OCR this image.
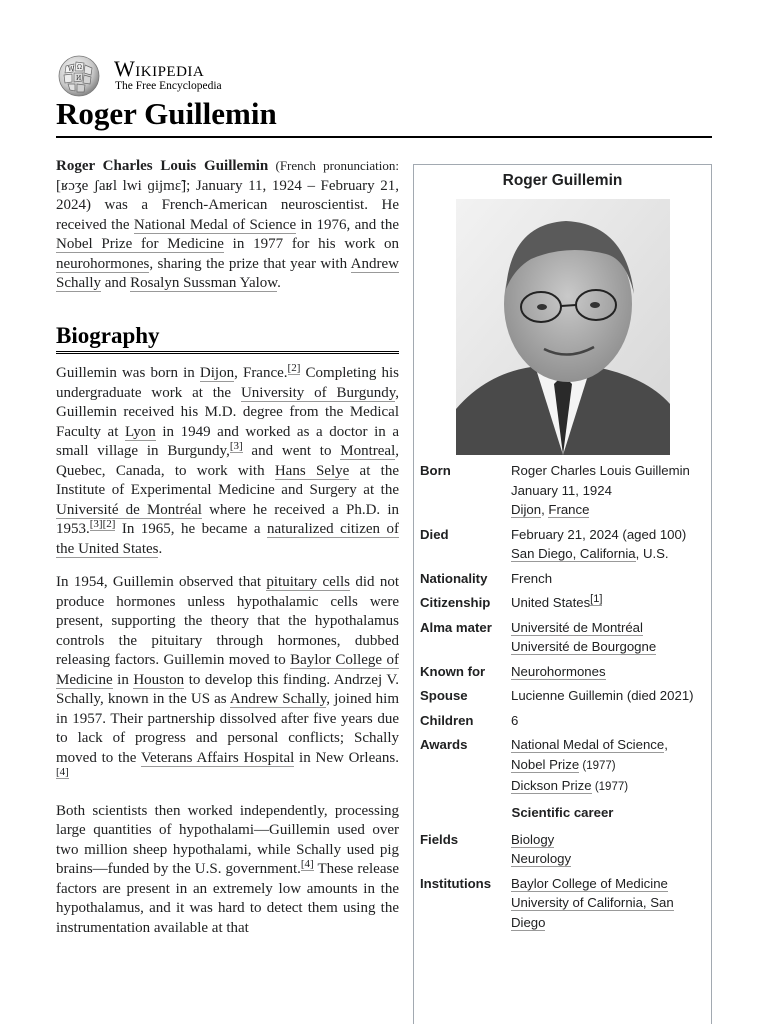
W Ω
И Wikipedia
The Free Encyclopedia
Roger Guillemin

Roger Charles Louis Guillemin (French pronunciation: [ʁɔʒe ʃaʁl lwi ɡijmɛ̃]; January 11, 1924 – February 21, 2024) was a French-American neuroscientist. He received the National Medal of Science in 1976, and the Nobel Prize for Medicine in 1977 for his work on neurohormones, sharing the prize that year with Andrew Schally and Rosalyn Sussman Yalow.

Biography

Guillemin was born in Dijon, France.[2] Completing his undergraduate work at the University of Burgundy, Guillemin received his M.D. degree from the Medical Faculty at Lyon in 1949 and worked as a doctor in a small village in Burgundy,[3] and went to Montreal, Quebec, Canada, to work with Hans Selye at the Institute of Experimental Medicine and Surgery at the Université de Montréal where he received a Ph.D. in 1953.[3][2] In 1965, he became a naturalized citizen of the United States.

In 1954, Guillemin observed that pituitary cells did not produce hormones unless hypothalamic cells were present, supporting the theory that the hypothalamus controls the pituitary through hormones, dubbed releasing factors. Guillemin moved to Baylor College of Medicine in Houston to develop this finding. Andrzej V. Schally, known in the US as Andrew Schally, joined him in 1957. Their partnership dissolved after five years due to lack of progress and personal conflicts; Schally moved to the Veterans Affairs Hospital in New Orleans.[4]

Both scientists then worked independently, processing large quantities of hypothalami—Guillemin used over two million sheep hypothalami, while Schally used pig brains—funded by the U.S. government.[4] These release factors are present in an extremely low amounts in the hypothalamus, and it was hard to detect them using the instrumentation available at that

Roger Guillemin
Born	Roger Charles Louis Guillemin
January 11, 1924
Dijon, France
Died	February 21, 2024 (aged 100)
San Diego, California, U.S.
Nationality	French
Citizenship	United States[1]
Alma mater	Université de Montréal
Université de Bourgogne
Known for	Neurohormones
Spouse	Lucienne Guillemin (died 2021)
Children	6
Awards	National Medal of Science,
Nobel Prize (1977)
Dickson Prize (1977)
Scientific career
Fields	Biology
Neurology
Institutions	Baylor College of Medicine
University of California, San Diego
